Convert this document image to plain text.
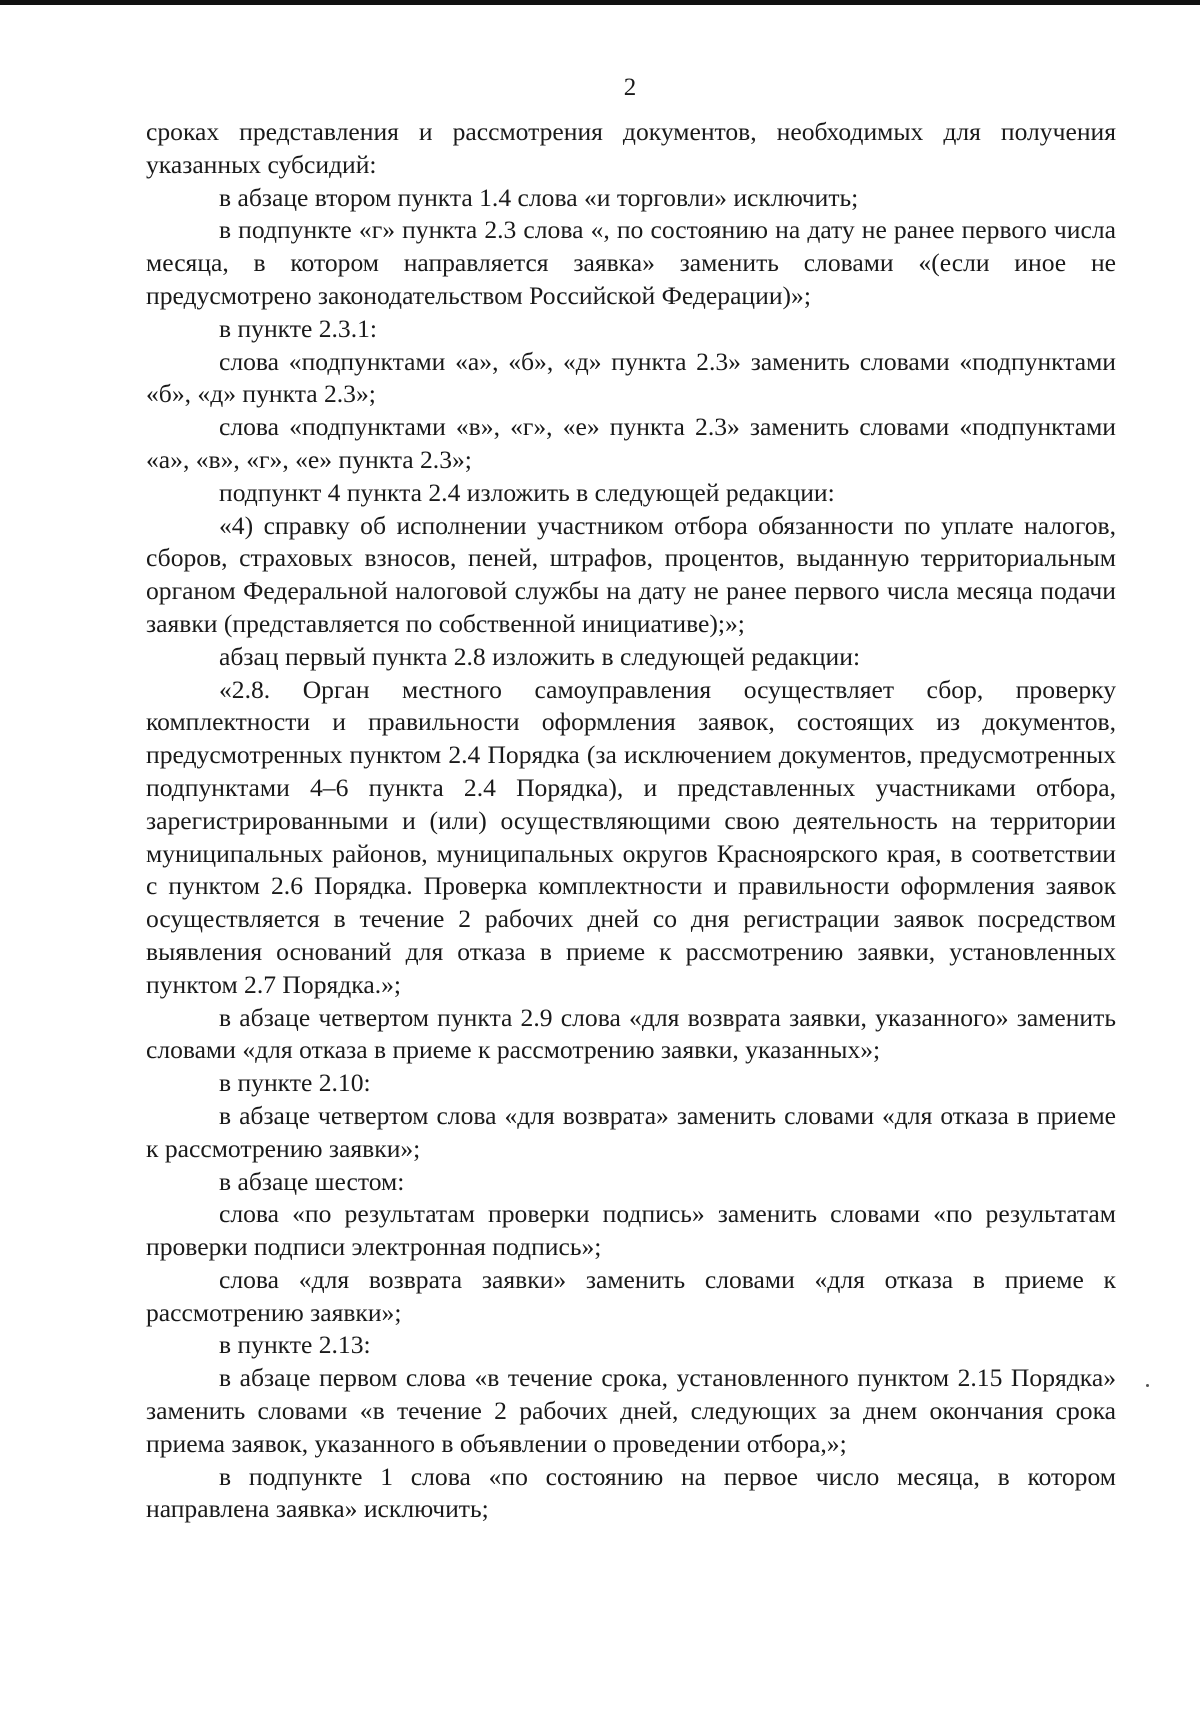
2

сроках представления и рассмотрения документов, необходимых для получения указанных субсидий:

в абзаце втором пункта 1.4 слова «и торговли» исключить;

в подпункте «г» пункта 2.3 слова «, по состоянию на дату не ранее первого числа месяца, в котором направляется заявка» заменить словами «(если иное не предусмотрено законодательством Российской Федерации)»;

в пункте 2.3.1:

слова «подпунктами «а», «б», «д» пункта 2.3» заменить словами «подпунктами «б», «д» пункта 2.3»;

слова «подпунктами «в», «г», «е» пункта 2.3» заменить словами «подпунктами «а», «в», «г», «е» пункта 2.3»;

подпункт 4 пункта 2.4 изложить в следующей редакции:

«4) справку об исполнении участником отбора обязанности по уплате налогов, сборов, страховых взносов, пеней, штрафов, процентов, выданную территориальным органом Федеральной налоговой службы на дату не ранее первого числа месяца подачи заявки (представляется по собственной инициативе);»;

абзац первый пункта 2.8 изложить в следующей редакции:

«2.8. Орган местного самоуправления осуществляет сбор, проверку комплектности и правильности оформления заявок, состоящих из документов, предусмотренных пунктом 2.4 Порядка (за исключением документов, предусмотренных подпунктами 4–6 пункта 2.4 Порядка), и представленных участниками отбора, зарегистрированными и (или) осуществляющими свою деятельность на территории муниципальных районов, муниципальных округов Красноярского края, в соответствии с пунктом 2.6 Порядка. Проверка комплектности и правильности оформления заявок осуществляется в течение 2 рабочих дней со дня регистрации заявок посредством выявления оснований для отказа в приеме к рассмотрению заявки, установленных пунктом 2.7 Порядка.»;

в абзаце четвертом пункта 2.9 слова «для возврата заявки, указанного» заменить словами «для отказа в приеме к рассмотрению заявки, указанных»;

в пункте 2.10:

в абзаце четвертом слова «для возврата» заменить словами «для отказа в приеме к рассмотрению заявки»;

в абзаце шестом:

слова «по результатам проверки подпись» заменить словами «по результатам проверки подписи электронная подпись»;

слова «для возврата заявки» заменить словами «для отказа в приеме к рассмотрению заявки»;

в пункте 2.13:

в абзаце первом слова «в течение срока, установленного пунктом 2.15 Порядка» заменить словами «в течение 2 рабочих дней, следующих за днем окончания срока приема заявок, указанного в объявлении о проведении отбора,»;

в подпункте 1 слова «по состоянию на первое число месяца, в котором направлена заявка» исключить;
